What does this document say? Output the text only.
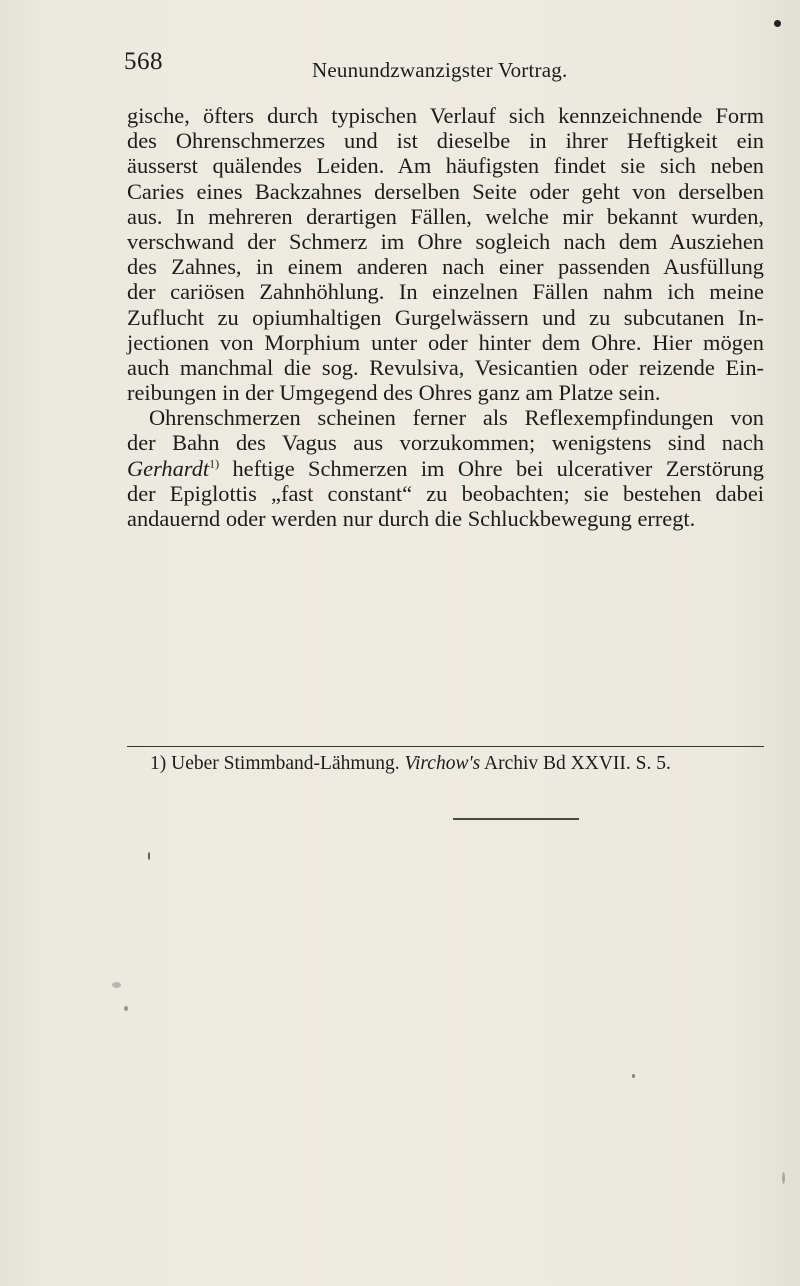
568	Neunundzwanzigster Vortrag.
gische, öfters durch typischen Verlauf sich kennzeichnende Form
des Ohrenschmerzes und ist dieselbe in ihrer Heftigkeit ein
äusserst quälendes Leiden. Am häufigsten findet sie sich neben
Caries eines Backzahnes derselben Seite oder geht von derselben
aus. In mehreren derartigen Fällen, welche mir bekannt wurden,
verschwand der Schmerz im Ohre sogleich nach dem Ausziehen
des Zahnes, in einem anderen nach einer passenden Ausfüllung
der cariösen Zahnhöhlung. In einzelnen Fällen nahm ich meine
Zuflucht zu opiumhaltigen Gurgelwässern und zu subcutanen In-
jectionen von Morphium unter oder hinter dem Ohre. Hier mögen
auch manchmal die sog. Revulsiva, Vesicantien oder reizende Ein-
reibungen in der Umgegend des Ohres ganz am Platze sein.
Ohrenschmerzen scheinen ferner als Reflexempfindungen von
der Bahn des Vagus aus vorzukommen; wenigstens sind nach
Gerhardt$^{1)}$ heftige Schmerzen im Ohre bei ulcerativer Zerstörung
der Epiglottis „fast constant“ zu beobachten; sie bestehen dabei
andauernd oder werden nur durch die Schluckbewegung erregt.
1) Ueber Stimmband-Lähmung. Virchow's Archiv Bd XXVII. S. 5.
